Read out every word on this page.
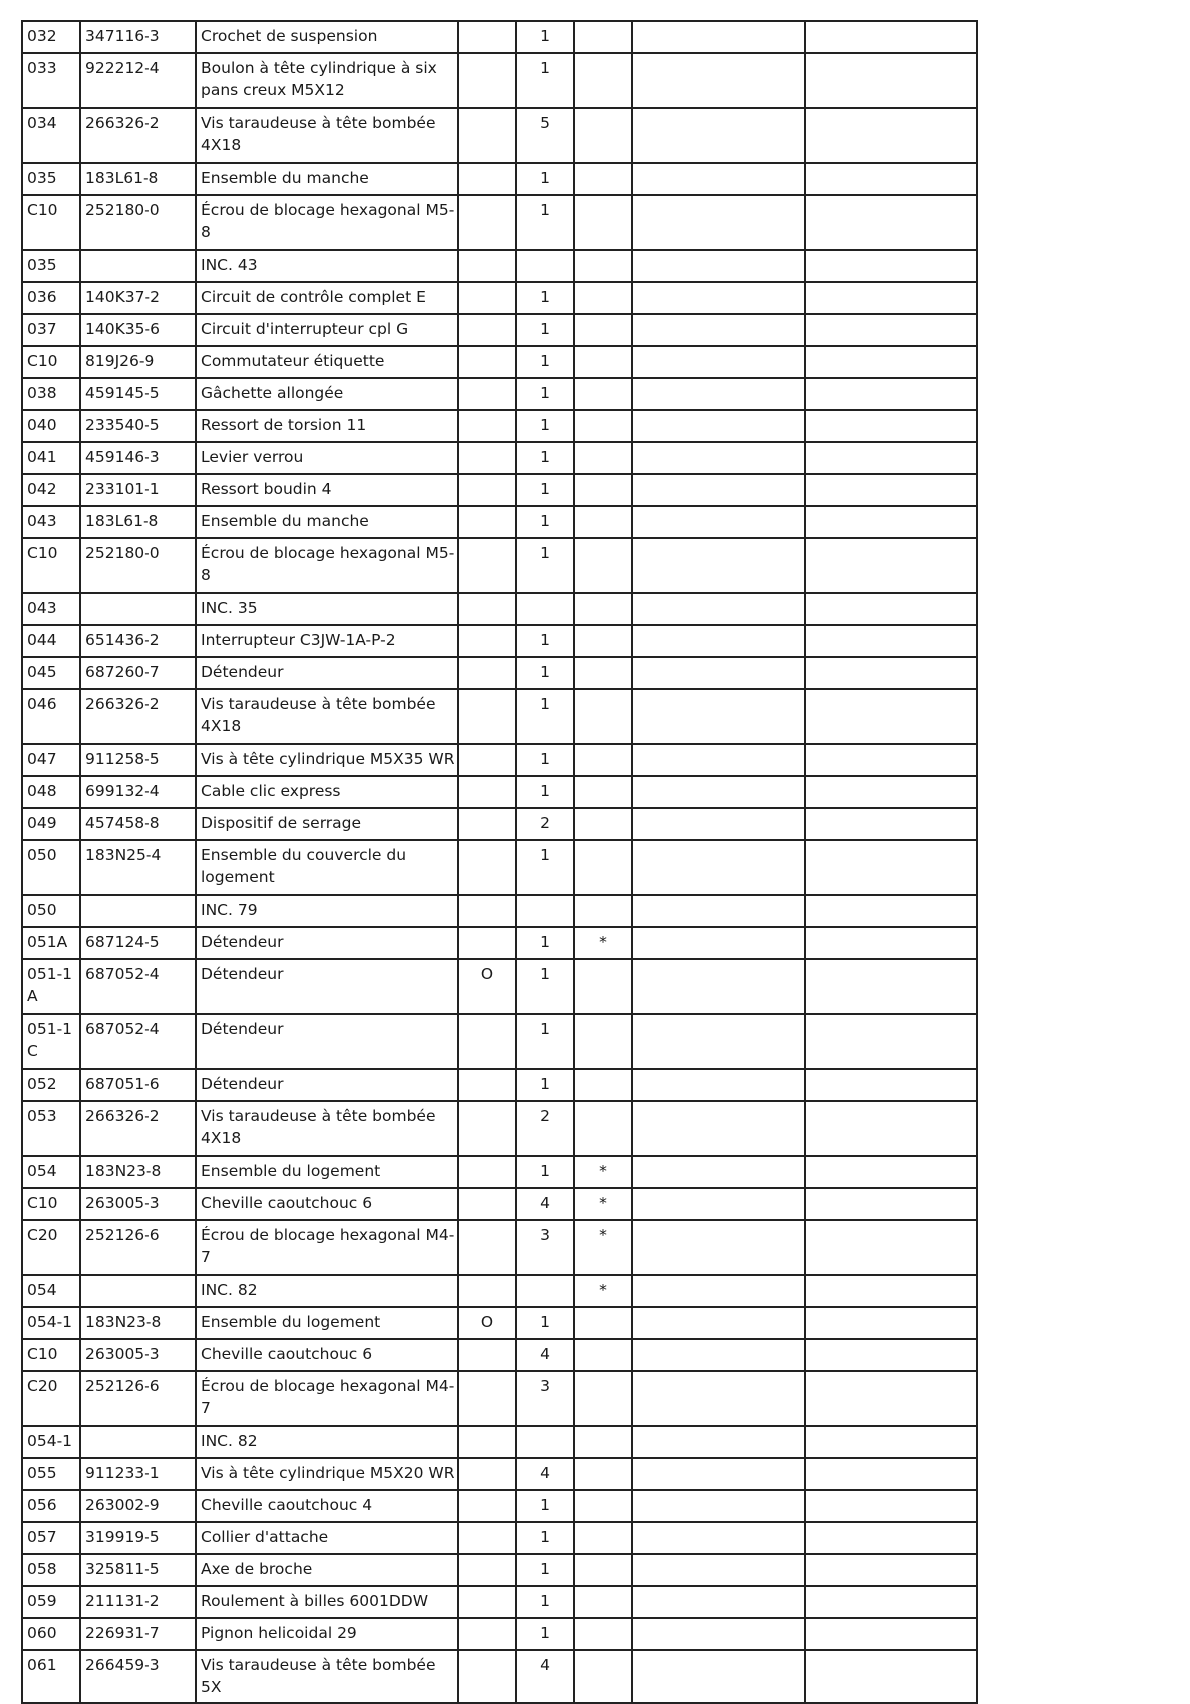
032	347116-3	Crochet de suspension		1			
033	922212-4	Boulon à tête cylindrique à six pans creux M5X12		1			
034	266326-2	Vis taraudeuse à tête bombée 4X18		5			
035	183L61-8	Ensemble du manche		1			
C10	252180-0	Écrou de blocage hexagonal M5-8		1			
035		INC. 43					
036	140K37-2	Circuit de contrôle complet E		1			
037	140K35-6	Circuit d'interrupteur cpl G		1			
C10	819J26-9	Commutateur étiquette		1			
038	459145-5	Gâchette allongée		1			
040	233540-5	Ressort de torsion 11		1			
041	459146-3	Levier verrou		1			
042	233101-1	Ressort boudin 4		1			
043	183L61-8	Ensemble du manche		1			
C10	252180-0	Écrou de blocage hexagonal M5-8		1			
043		INC. 35					
044	651436-2	Interrupteur C3JW-1A-P-2		1			
045	687260-7	Détendeur		1			
046	266326-2	Vis taraudeuse à tête bombée 4X18		1			
047	911258-5	Vis à tête cylindrique M5X35 WR		1			
048	699132-4	Cable clic express		1			
049	457458-8	Dispositif de serrage		2			
050	183N25-4	Ensemble du couvercle du logement		1			
050		INC. 79					
051A	687124-5	Détendeur		1	*		
051-1A	687052-4	Détendeur	O	1			
051-1C	687052-4	Détendeur		1			
052	687051-6	Détendeur		1			
053	266326-2	Vis taraudeuse à tête bombée 4X18		2			
054	183N23-8	Ensemble du logement		1	*		
C10	263005-3	Cheville caoutchouc 6		4	*		
C20	252126-6	Écrou de blocage hexagonal M4-7		3	*		
054		INC. 82			*		
054-1	183N23-8	Ensemble du logement	O	1			
C10	263005-3	Cheville caoutchouc 6		4			
C20	252126-6	Écrou de blocage hexagonal M4-7		3			
054-1		INC. 82					
055	911233-1	Vis à tête cylindrique M5X20 WR		4			
056	263002-9	Cheville caoutchouc 4		1			
057	319919-5	Collier d'attache		1			
058	325811-5	Axe de broche		1			
059	211131-2	Roulement à billes 6001DDW		1			
060	226931-7	Pignon helicoidal 29		1			
061	266459-3	Vis taraudeuse à tête bombée 5X		4			
